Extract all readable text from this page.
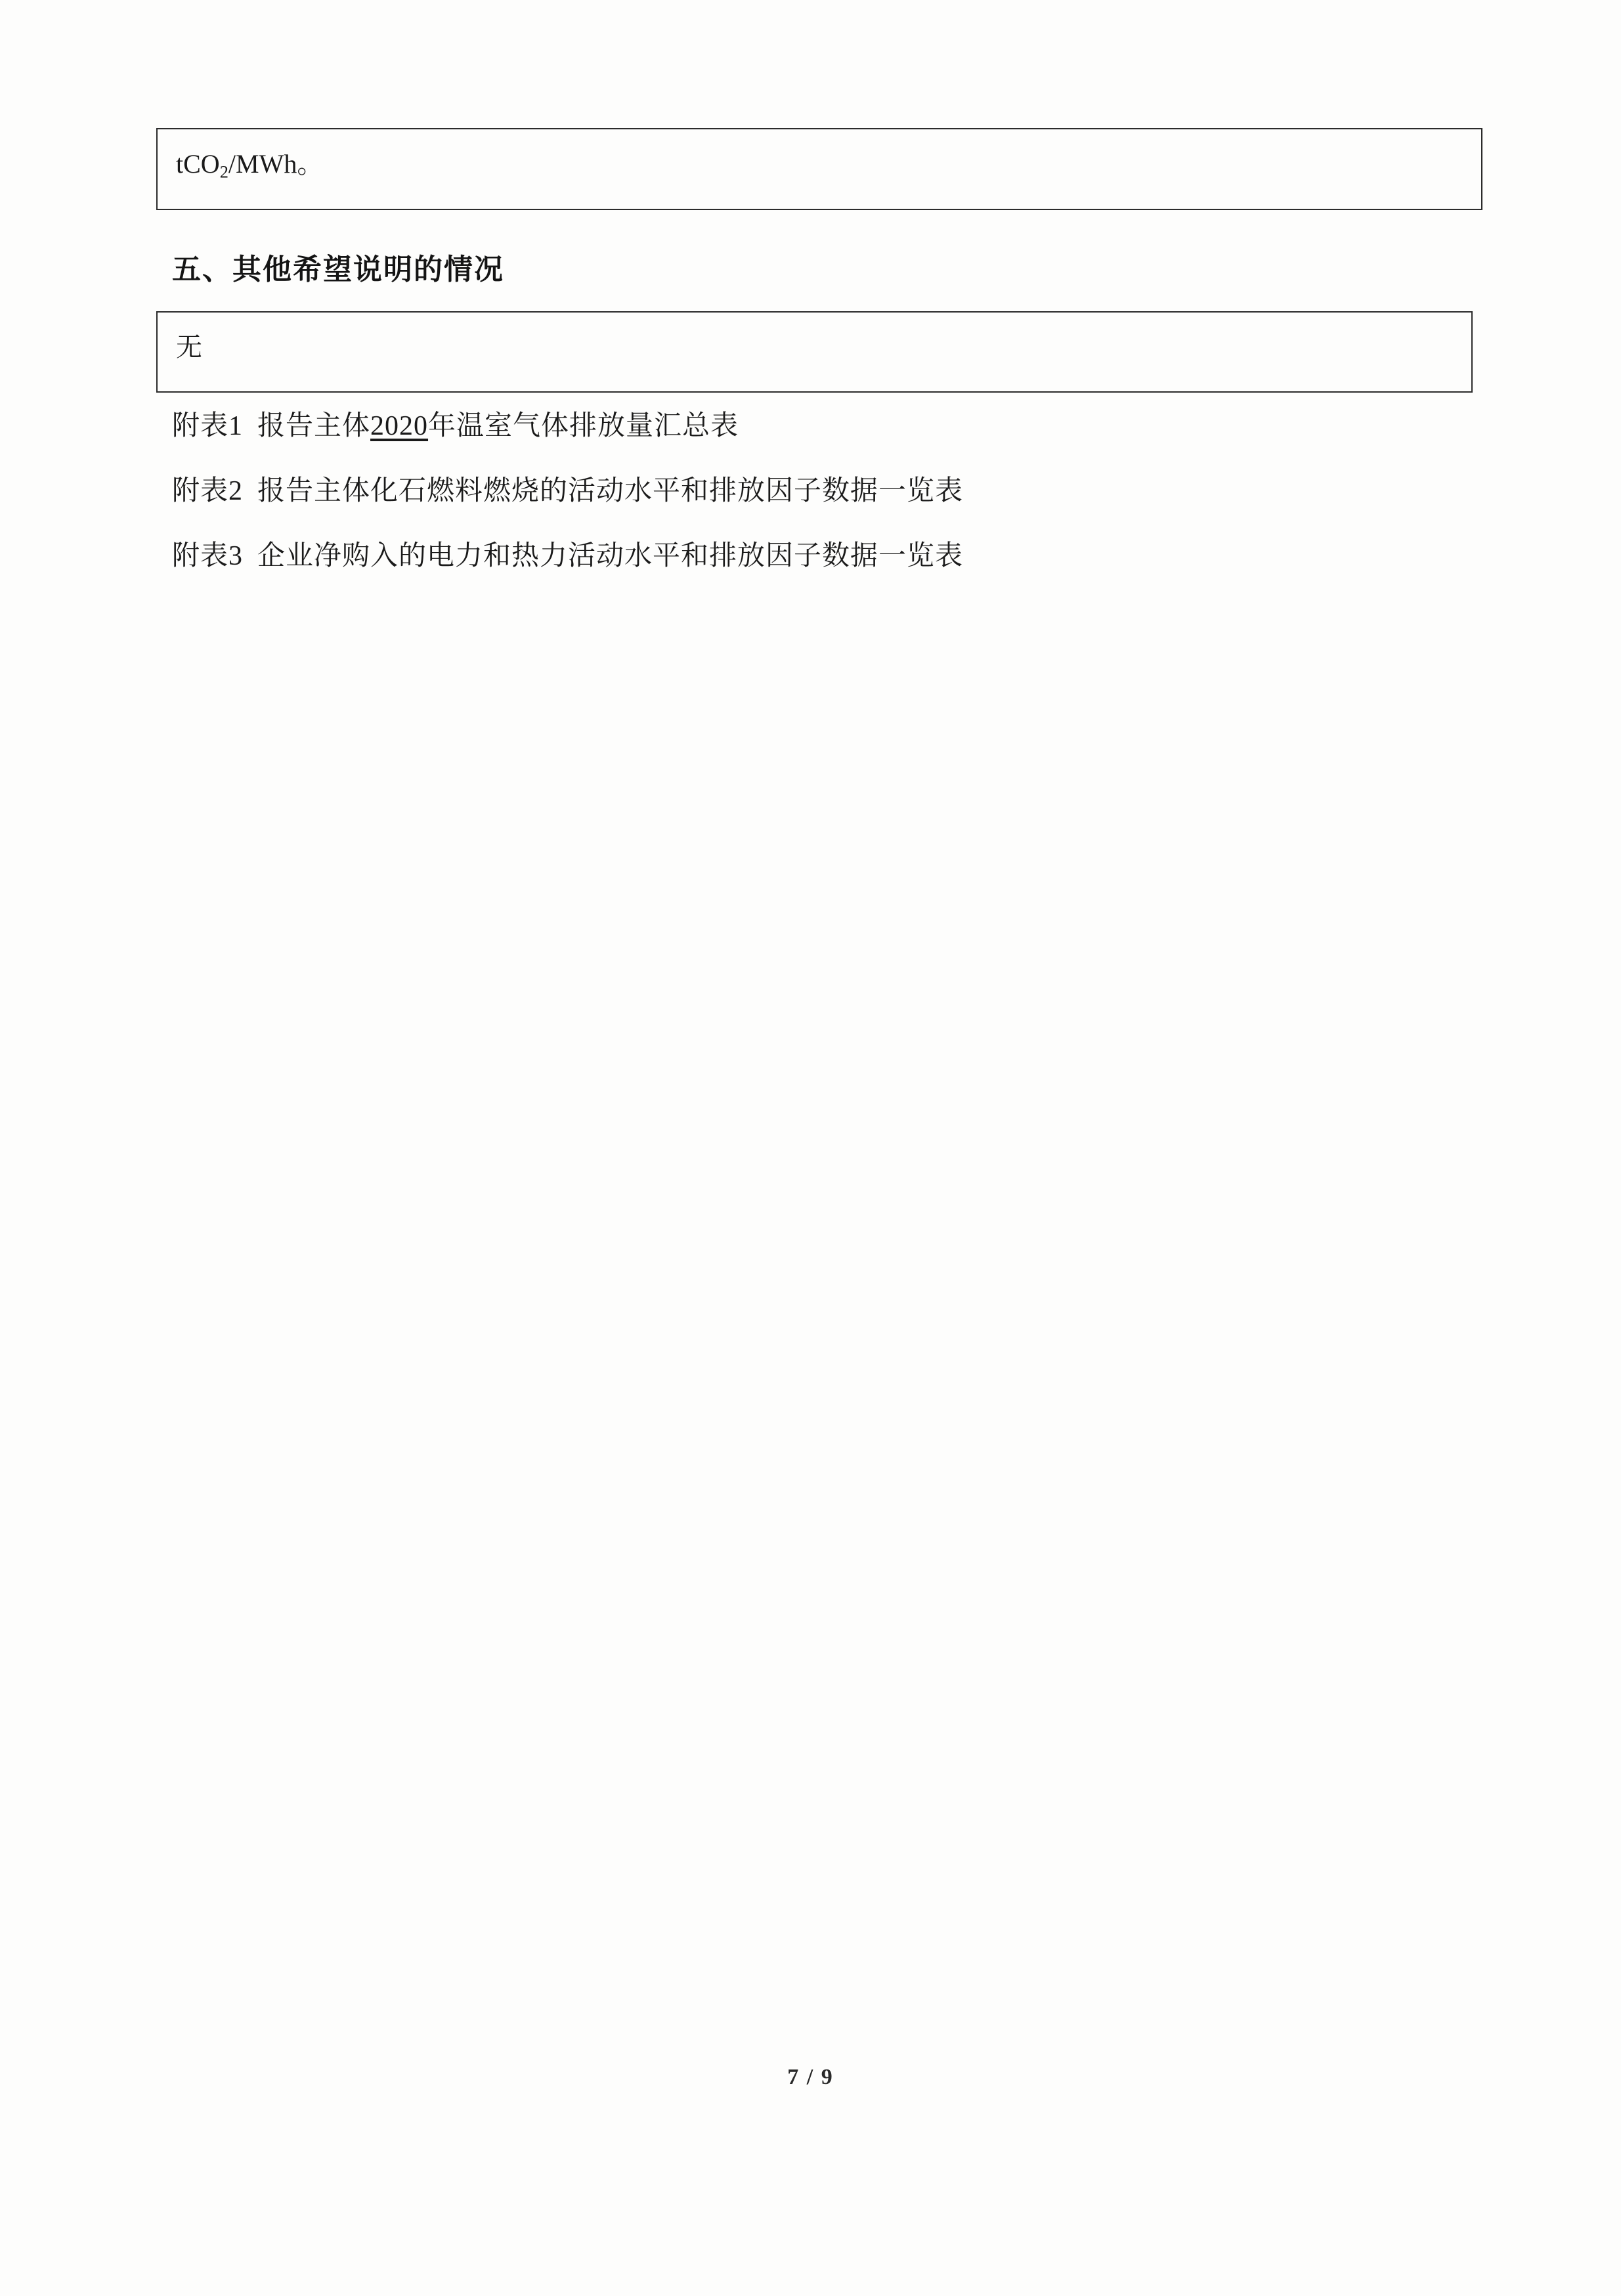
tCO$_2$/MWh。
五、其他希望说明的情况
无
附表1 报告主体2020年温室气体排放量汇总表
附表2 报告主体化石燃料燃烧的活动水平和排放因子数据一览表
附表3 企业净购入的电力和热力活动水平和排放因子数据一览表
7 / 9
